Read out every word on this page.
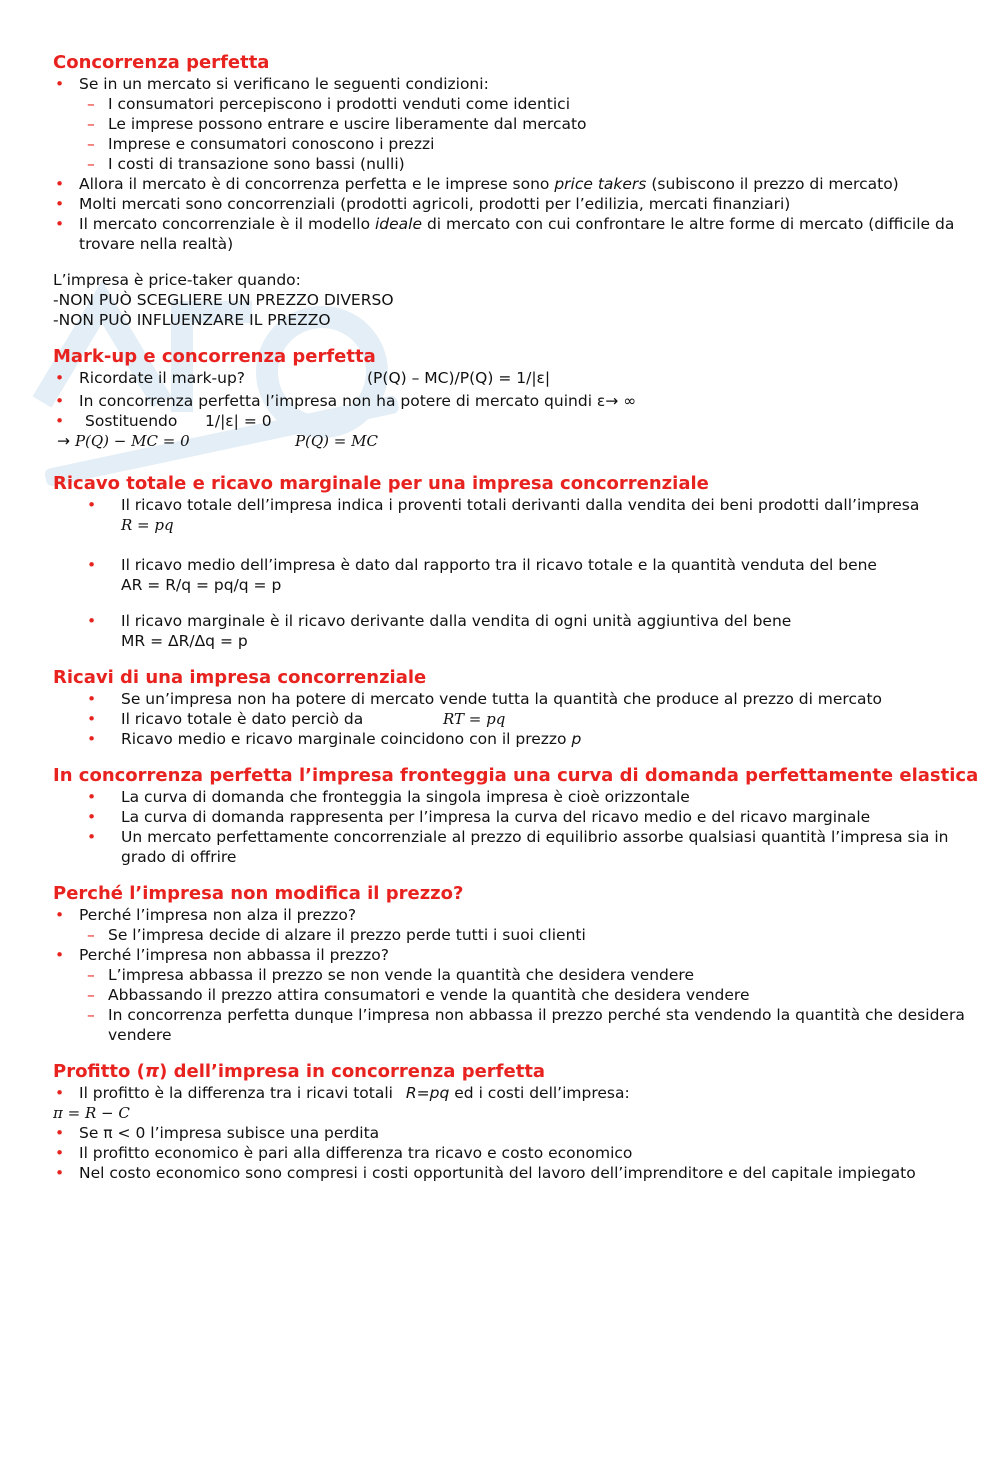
Concorrenza perfetta
• Se in un mercato si verificano le seguenti condizioni:
– I consumatori percepiscono i prodotti venduti come identici
– Le imprese possono entrare e uscire liberamente dal mercato
– Imprese e consumatori conoscono i prezzi
– I costi di transazione sono bassi (nulli)
• Allora il mercato è di concorrenza perfetta e le imprese sono price takers (subiscono il prezzo di mercato)
• Molti mercati sono concorrenziali (prodotti agricoli, prodotti per l’edilizia, mercati finanziari)
• Il mercato concorrenziale è il modello ideale di mercato con cui confrontare le altre forme di mercato (difficile da trovare nella realtà)
L’impresa è price-taker quando:
-NON PUÒ SCEGLIERE UN PREZZO DIVERSO
-NON PUÒ INFLUENZARE IL PREZZO
Mark-up e concorrenza perfetta
• Ricordate il mark-up?	(P(Q) – MC)/P(Q) = 1/|ε|
• In concorrenza perfetta l’impresa non ha potere di mercato quindi ε→ ∞
• Sostituendo 1/|ε| = 0
→ P(Q) − MC = 0	P(Q) = MC
Ricavo totale e ricavo marginale per una impresa concorrenziale
• Il ricavo totale dell’impresa indica i proventi totali derivanti dalla vendita dei beni prodotti dall’impresa
R = pq
• Il ricavo medio dell’impresa è dato dal rapporto tra il ricavo totale e la quantità venduta del bene
AR = R/q = pq/q = p
• Il ricavo marginale è il ricavo derivante dalla vendita di ogni unità aggiuntiva del bene
MR = ΔR/Δq = p
Ricavi di una impresa concorrenziale
• Se un’impresa non ha potere di mercato vende tutta la quantità che produce al prezzo di mercato
• Il ricavo totale è dato perciò da	RT = pq
• Ricavo medio e ricavo marginale coincidono con il prezzo p
In concorrenza perfetta l’impresa fronteggia una curva di domanda perfettamente elastica
• La curva di domanda che fronteggia la singola impresa è cioè orizzontale
• La curva di domanda rappresenta per l’impresa la curva del ricavo medio e del ricavo marginale
• Un mercato perfettamente concorrenziale al prezzo di equilibrio assorbe qualsiasi quantità l’impresa sia in grado di offrire
Perché l’impresa non modifica il prezzo?
• Perché l’impresa non alza il prezzo?
– Se l’impresa decide di alzare il prezzo perde tutti i suoi clienti
• Perché l’impresa non abbassa il prezzo?
– L’impresa abbassa il prezzo se non vende la quantità che desidera vendere
– Abbassando il prezzo attira consumatori e vende la quantità che desidera vendere
– In concorrenza perfetta dunque l’impresa non abbassa il prezzo perché sta vendendo la quantità che desidera vendere
Profitto (π) dell’impresa in concorrenza perfetta
• Il profitto è la differenza tra i ricavi totali R=pq ed i costi dell’impresa:
π = R − C
• Se π < 0 l’impresa subisce una perdita
• Il profitto economico è pari alla differenza tra ricavo e costo economico
• Nel costo economico sono compresi i costi opportunità del lavoro dell’imprenditore e del capitale impiegato
